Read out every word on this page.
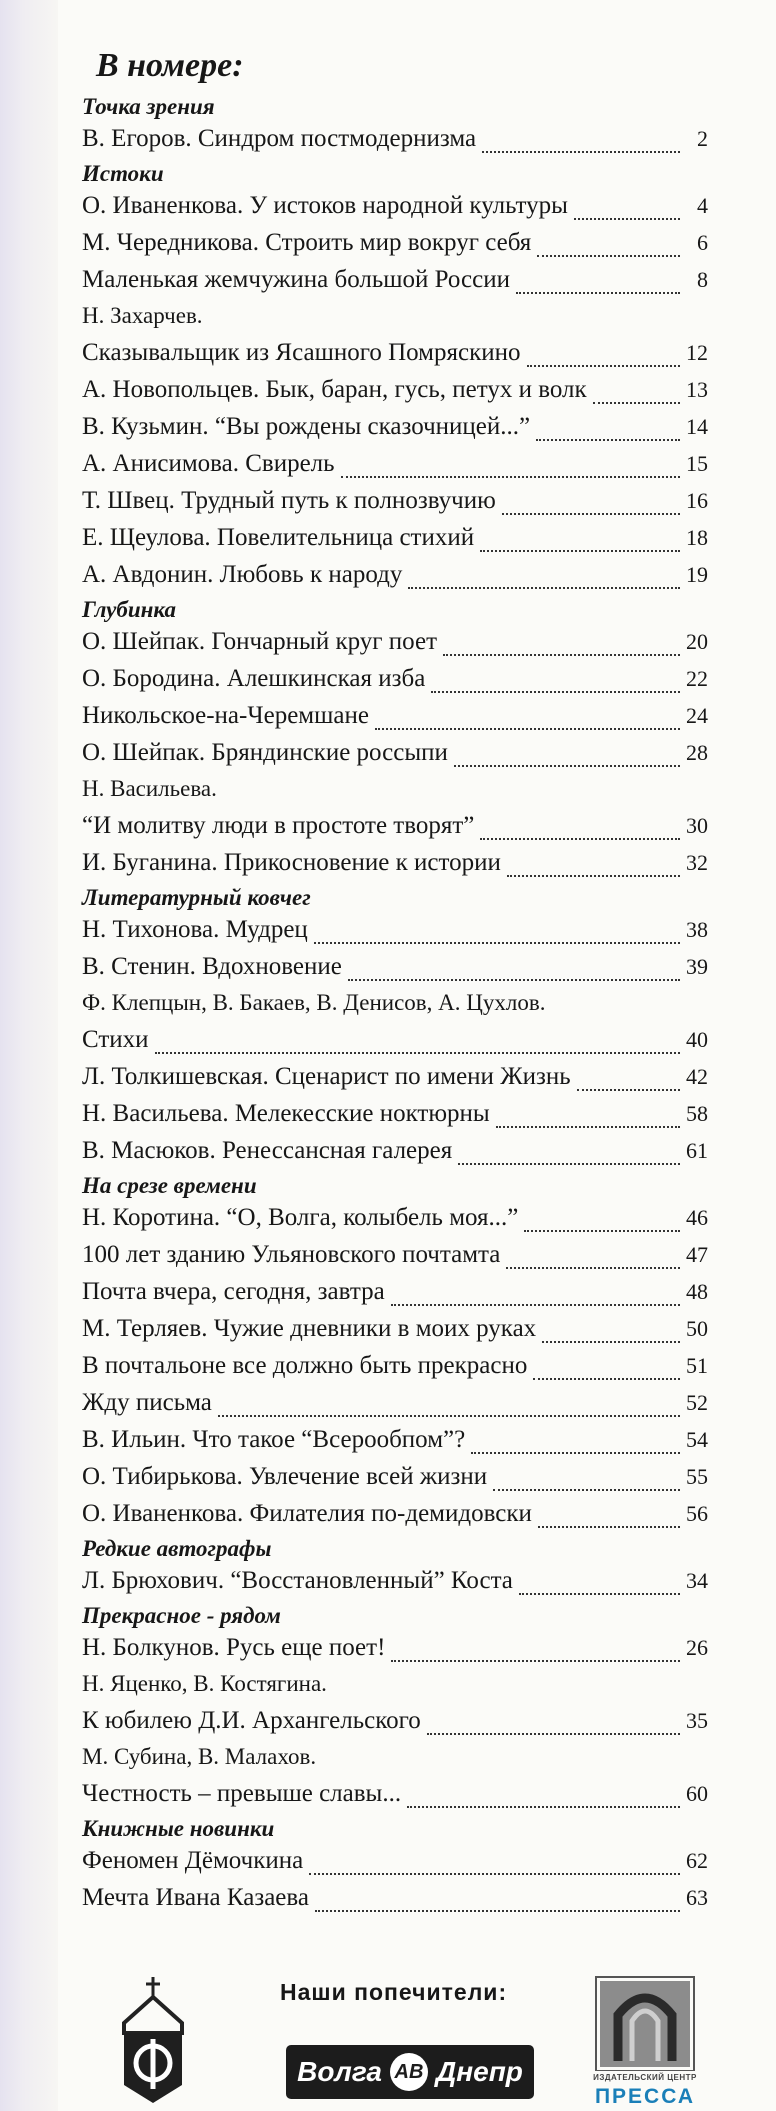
В номере:
Точка зрения
В. Егоров. Синдром постмодернизма	2
Истоки
О. Иваненкова. У истоков народной культуры	4
М. Чередникова. Строить мир вокруг себя	6
Маленькая жемчужина большой России	8
Н. Захарчев.
Сказывальщик из Ясашного Помряскино	12
А. Новопольцев. Бык, баран, гусь, петух и волк	13
В. Кузьмин. “Вы рождены сказочницей...”	14
А. Анисимова. Свирель	15
Т. Швец. Трудный путь к полнозвучию	16
Е. Щеулова. Повелительница стихий	18
А. Авдонин. Любовь к народу	19
Глубинка
О. Шейпак. Гончарный круг поет	20
О. Бородина. Алешкинская изба	22
Никольское-на-Черемшане	24
О. Шейпак. Бряндинские россыпи	28
Н. Васильева.
“И молитву люди в простоте творят”	30
И. Буганина. Прикосновение к истории	32
Литературный ковчег
Н. Тихонова. Мудрец	38
В. Стенин. Вдохновение	39
Ф. Клепцын, В. Бакаев, В. Денисов, А. Цухлов.
Стихи	40
Л. Толкишевская. Сценарист по имени Жизнь	42
Н. Васильева. Мелекесские ноктюрны	58
В. Масюков. Ренессансная галерея	61
На срезе времени
Н. Коротина. “О, Волга, колыбель моя...”	46
100 лет зданию Ульяновского почтамта	47
Почта вчера, сегодня, завтра	48
М. Терляев. Чужие дневники в моих руках	50
В почтальоне все должно быть прекрасно	51
Жду письма	52
В. Ильин. Что такое “Всерообпом”?	54
О. Тибирькова. Увлечение всей жизни	55
О. Иваненкова. Филателия по-демидовски	56
Редкие автографы
Л. Брюхович. “Восстановленный” Коста	34
Прекрасное - рядом
Н. Болкунов. Русь еще поет!	26
Н. Яценко, В. Костягина.
К юбилею Д.И. Архангельского	35
М. Субина, В. Малахов.
Честность – превыше славы...	60
Книжные новинки
Феномен Дёмочкина	62
Мечта Ивана Казаева	63
Наши попечители:
Волга AB Днепр	ИЗДАТЕЛЬСКИЙ ЦЕНТР
ПРЕССА
